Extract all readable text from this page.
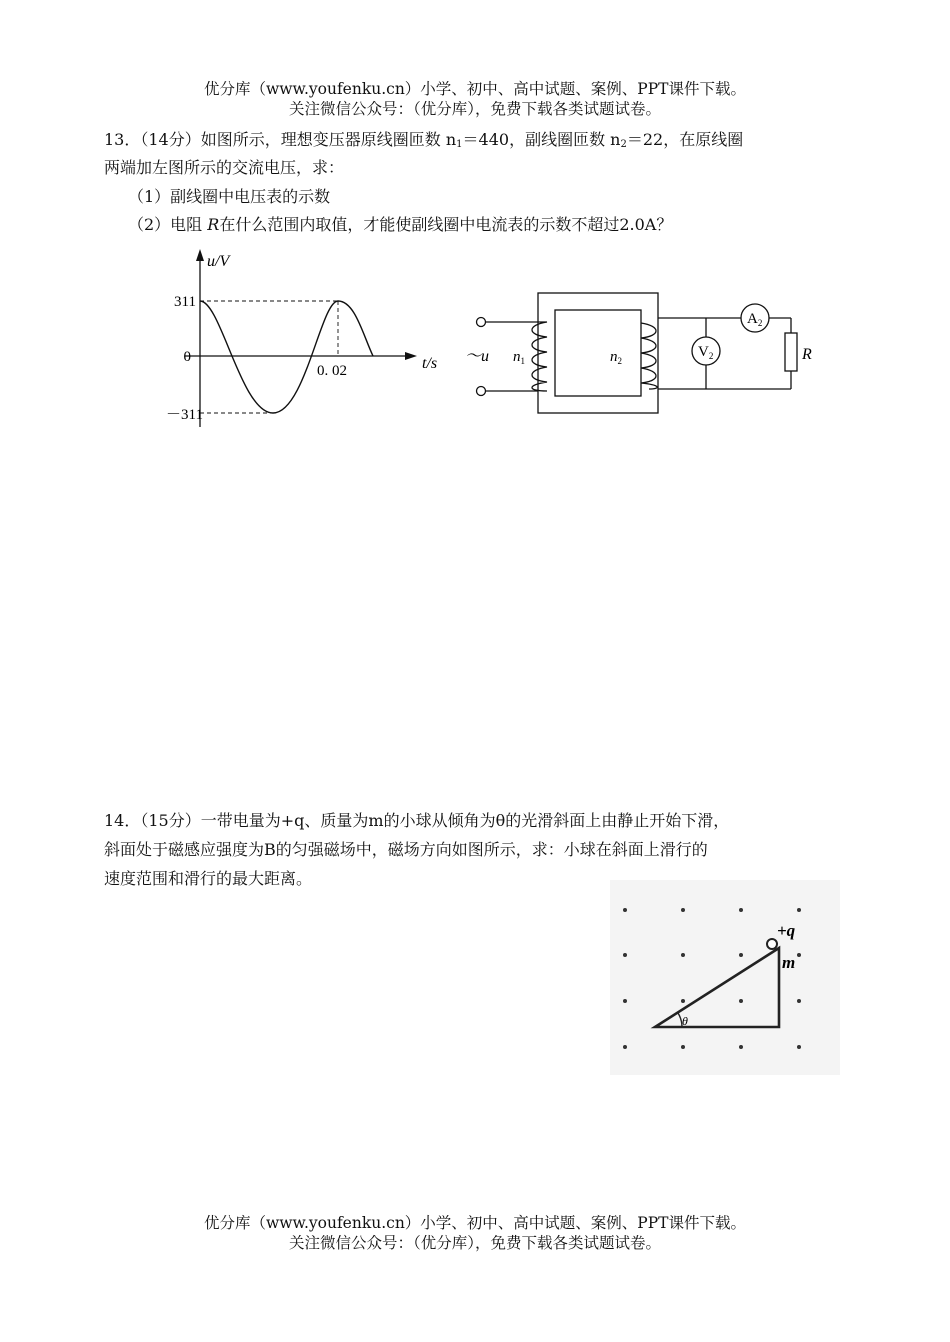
优分库（www.youfenku.cn）小学、初中、高中试题、案例、PPT课件下载。
关注微信公众号：（优分库），免费下载各类试题试卷。
13．（14分）如图所示，理想变压器原线圈匝数 $n_1=440$，副线圈匝数 $n_2=22$，在原线圈
两端加左图所示的交流电压，求：
（1）副线圈中电压表的示数
（2）电阻 R在什么范围内取值，才能使副线圈中电流表的示数不超过2.0A？
u/V
311
0
－311
0. 02	t/s ～u $n_1$	$n_2$
$A_2$
$V_2$	R
14．（15分）一带电量为+q、质量为m的小球从倾角为θ的光滑斜面上由静止开始下滑，
斜面处于磁感应强度为B的匀强磁场中，磁场方向如图所示，求：小球在斜面上滑行的
速度范围和滑行的最大距离。
+q
m
θ
优分库（www.youfenku.cn）小学、初中、高中试题、案例、PPT课件下载。
关注微信公众号：（优分库），免费下载各类试题试卷。
